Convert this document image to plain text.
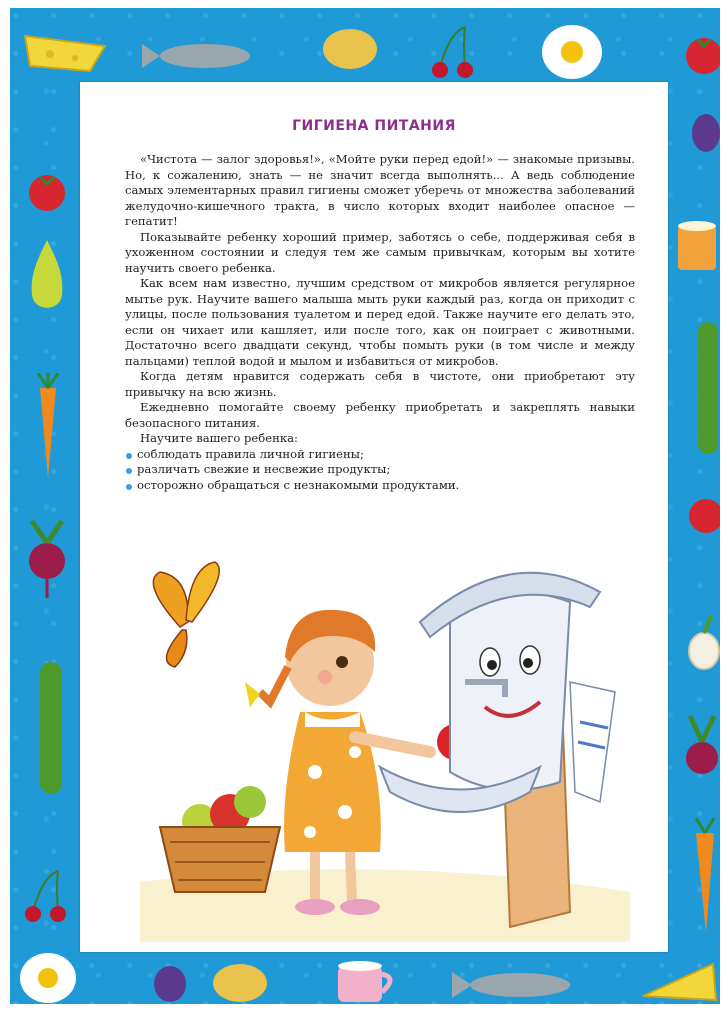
ГИГИЕНА ПИТАНИЯ

«Чистота — залог здоровья!», «Мойте руки перед едой!» — знакомые призывы. Но, к сожалению, знать — не значит всегда выполнять... А ведь соблюдение самых элементарных правил гигиены сможет уберечь от множества заболеваний желудочно-кишечного тракта, в число которых входит наиболее опасное — гепатит!

Показывайте ребенку хороший пример, заботясь о себе, поддерживая себя в ухоженном состоянии и следуя тем же самым привычкам, которым вы хотите научить своего ребенка.

Как всем нам известно, лучшим средством от микробов является регулярное мытье рук. Научите вашего малыша мыть руки каждый раз, когда он приходит с улицы, после пользования туалетом и перед едой. Также научите его делать это, если он чихает или кашляет, или после того, как он поиграет с животными. Достаточно всего двадцати секунд, чтобы помыть руки (в том числе и между пальцами) теплой водой и мылом и избавиться от микробов.

Когда детям нравится содержать себя в чистоте, они приобретают эту привычку на всю жизнь.

Ежедневно помогайте своему ребенку приобретать и закреплять навыки безопасного питания.

Научите вашего ребенка:

соблюдать правила личной гигиены;
различать свежие и несвежие продукты;
осторожно обращаться с незнакомыми продуктами.
